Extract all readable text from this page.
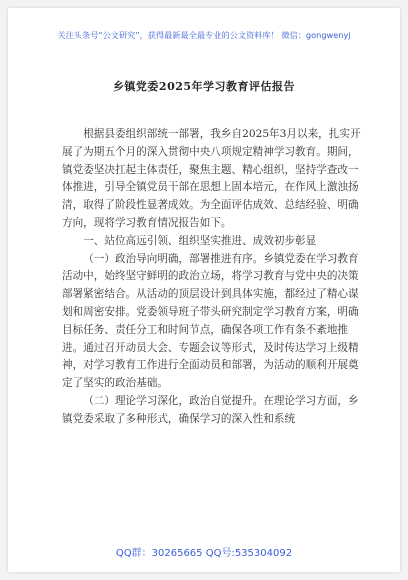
关注头条号“公文研究”，获得最新最全最专业的公文资料库！ 微信：gongwenyj
乡镇党委2025年学习教育评估报告

根据县委组织部统一部署，我乡自2025年3月以来，扎实开展了为期五个月的深入贯彻中央八项规定精神学习教育。期间，镇党委坚决扛起主体责任，聚焦主题、精心组织，坚持学查改一体推进，引导全镇党员干部在思想上固本培元，在作风上激浊扬清，取得了阶段性显著成效。为全面评估成效、总结经验、明确方向，现将学习教育情况报告如下。

一、站位高远引领、组织坚实推进、成效初步彰显

（一）政治导向明确，部署推进有序。乡镇党委在学习教育活动中，始终坚守鲜明的政治立场，将学习教育与党中央的决策部署紧密结合。从活动的顶层设计到具体实施，都经过了精心谋划和周密安排。党委领导班子带头研究制定学习教育方案，明确目标任务、责任分工和时间节点，确保各项工作有条不紊地推进。通过召开动员大会、专题会议等形式，及时传达学习上级精神，对学习教育工作进行全面动员和部署，为活动的顺利开展奠定了坚实的政治基础。

（二）理论学习深化，政治自觉提升。在理论学习方面，乡镇党委采取了多种形式，确保学习的深入性和系统

QQ群：30265665 QQ号:535304092
